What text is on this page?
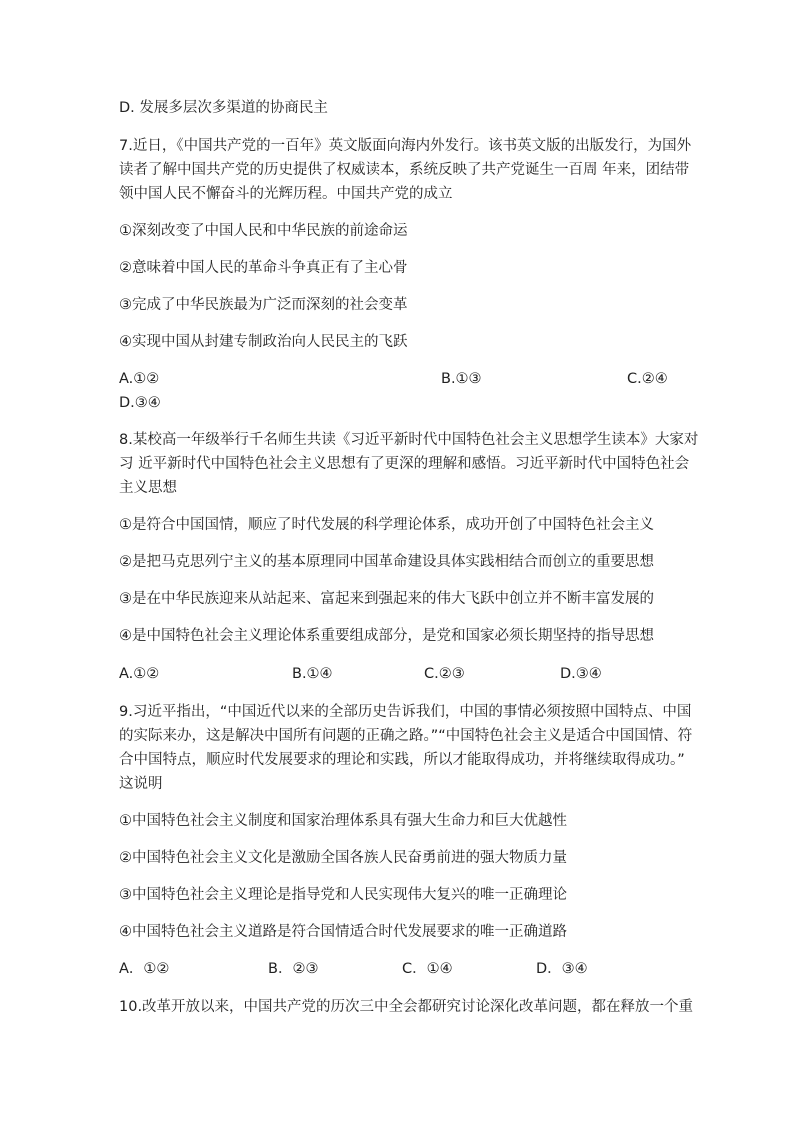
D. 发展多层次多渠道的协商民主
7.近日，《中国共产党的一百年》英文版面向海内外发行。该书英文版的出版发行，为国外
读者了解中国共产党的历史提供了权威读本，系统反映了共产党诞生一百周 年来，团结带
领中国人民不懈奋斗的光辉历程。中国共产党的成立
①深刻改变了中国人民和中华民族的前途命运
②意味着中国人民的革命斗争真正有了主心骨
③完成了中华民族最为广泛而深刻的社会变革
④实现中国从封建专制政治向人民民主的飞跃
A.①②	B.①③	C.②④
D.③④
8.某校高一年级举行千名师生共读《习近平新时代中国特色社会主义思想学生读本》大家对
习 近平新时代中国特色社会主义思想有了更深的理解和感悟。习近平新时代中国特色社会
主义思想
①是符合中国国情，顺应了时代发展的科学理论体系，成功开创了中国特色社会主义
②是把马克思列宁主义的基本原理同中国革命建设具体实践相结合而创立的重要思想
③是在中华民族迎来从站起来、富起来到强起来的伟大飞跃中创立并不断丰富发展的
④是中国特色社会主义理论体系重要组成部分，是党和国家必须长期坚持的指导思想
A.①②	B.①④	C.②③	D.③④
9.习近平指出，“中国近代以来的全部历史告诉我们，中国的事情必须按照中国特点、中国
的实际来办，这是解决中国所有问题的正确之路。”“中国特色社会主义是适合中国国情、符
合中国特点，顺应时代发展要求的理论和实践，所以才能取得成功，并将继续取得成功。”
这说明
①中国特色社会主义制度和国家治理体系具有强大生命力和巨大优越性
②中国特色社会主义文化是激励全国各族人民奋勇前进的强大物质力量
③中国特色社会主义理论是指导党和人民实现伟大复兴的唯一正确理论
④中国特色社会主义道路是符合国情适合时代发展要求的唯一正确道路
A．①②	B．②③	C．①④	D．③④
10.改革开放以来，中国共产党的历次三中全会都研究讨论深化改革问题，都在释放一个重
